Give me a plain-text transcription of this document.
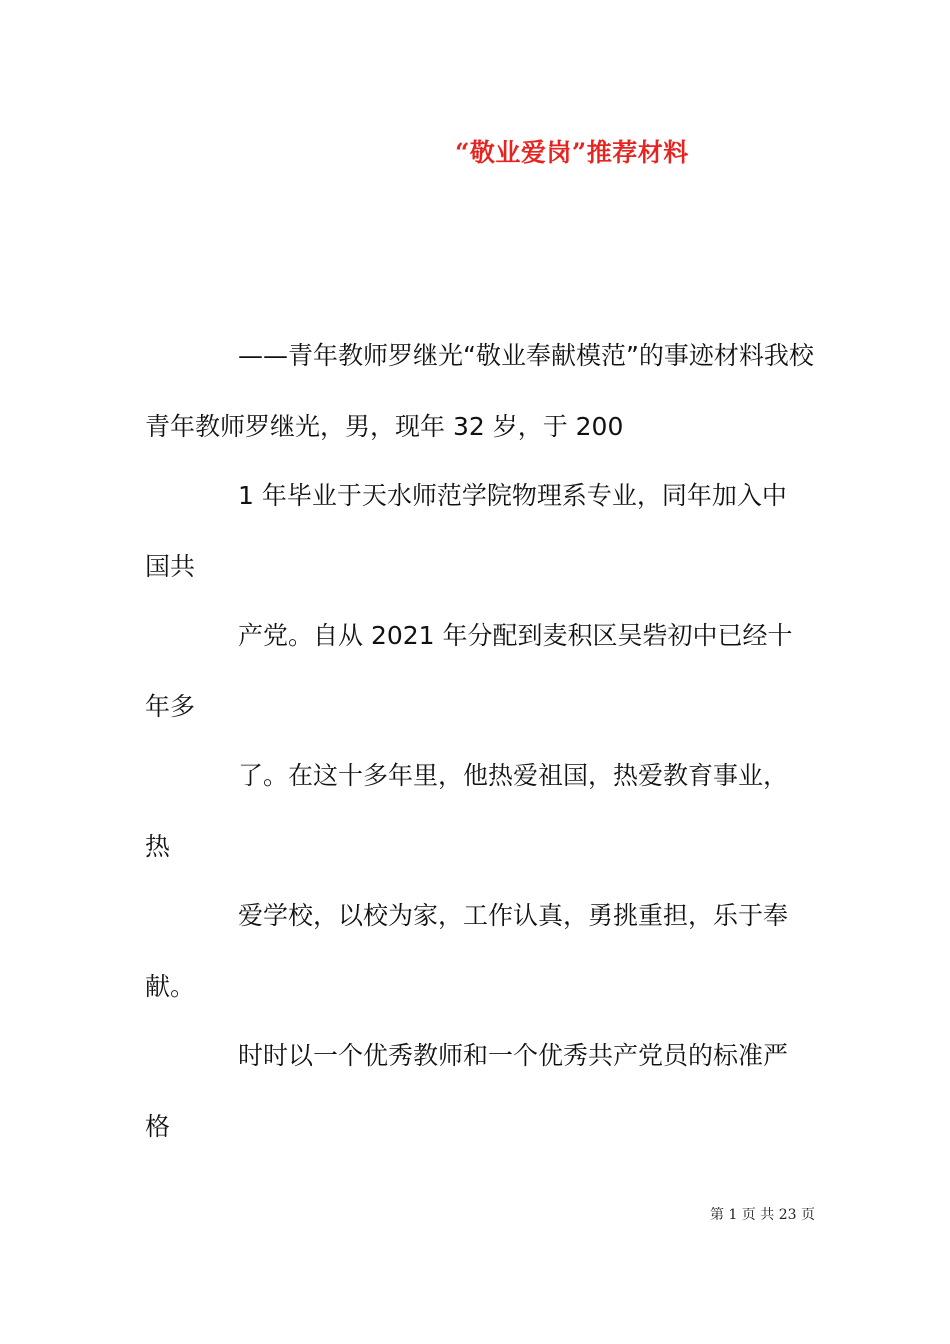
“敬业爱岗”推荐材料
——青年教师罗继光“敬业奉献模范”的事迹材料我校
青年教师罗继光，男，现年 32 岁，于 200
1 年毕业于天水师范学院物理系专业，同年加入中
国共
产党。自从 2021 年分配到麦积区吴砦初中已经十
年多
了。在这十多年里，他热爱祖国，热爱教育事业，
热
爱学校，以校为家，工作认真，勇挑重担，乐于奉
献。
时时以一个优秀教师和一个优秀共产党员的标准严
格
第 1 页 共 23 页
